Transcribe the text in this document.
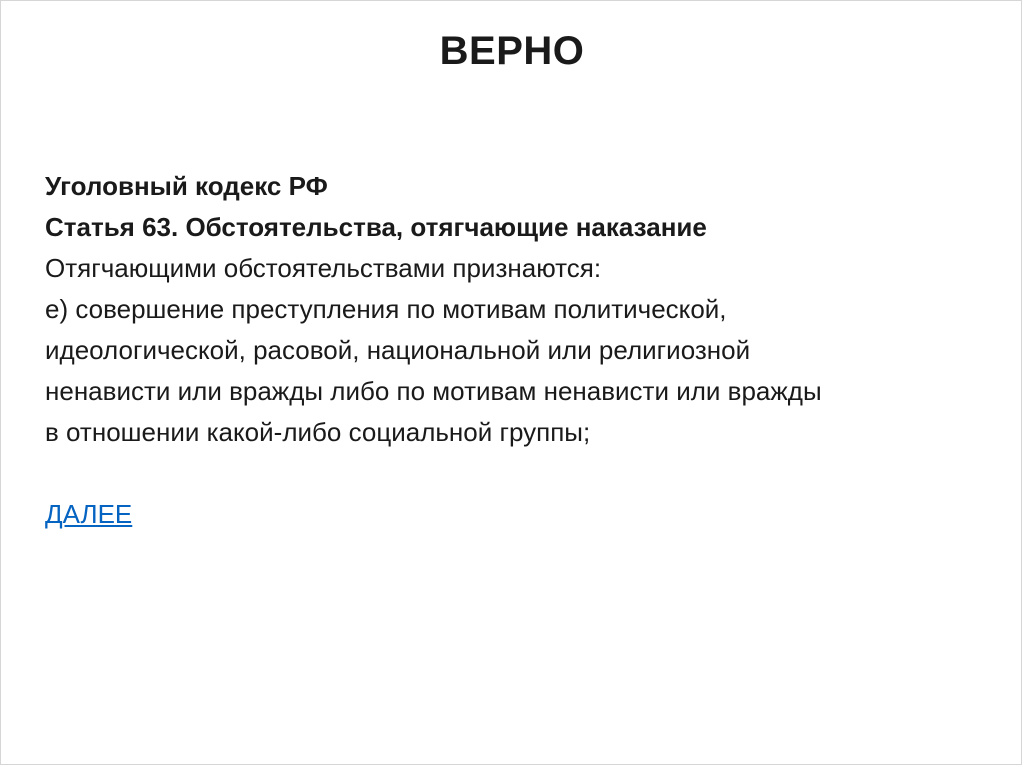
ВЕРНО
Уголовный кодекс РФ
Статья 63. Обстоятельства, отягчающие наказание
Отягчающими обстоятельствами признаются:
е) совершение преступления по мотивам политической,
идеологической, расовой, национальной или религиозной
ненависти или вражды либо по мотивам ненависти или вражды
в отношении какой-либо социальной группы;
ДАЛЕЕ
